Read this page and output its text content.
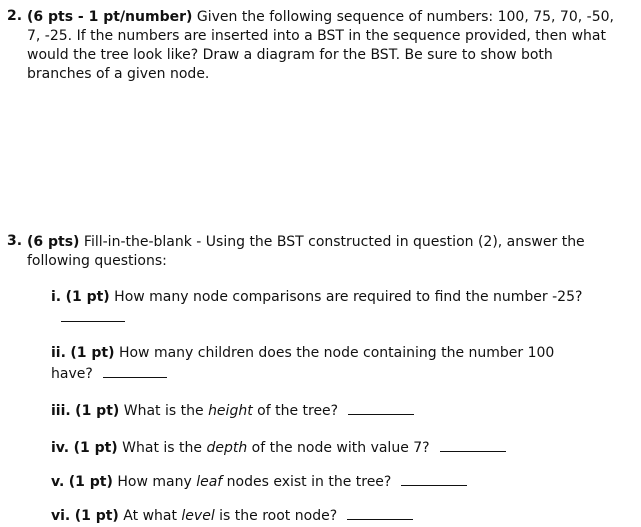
2. (6 pts - 1 pt/number) Given the following sequence of numbers: 100, 75, 70, -50, 7, -25. If the numbers are inserted into a BST in the sequence provided, then what would the tree look like? Draw a diagram for the BST. Be sure to show both branches of a given node.
3. (6 pts) Fill-in-the-blank - Using the BST constructed in question (2), answer the following questions:
i. (1 pt) How many node comparisons are required to find the number -25?
ii. (1 pt) How many children does the node containing the number 100 have?
iii. (1 pt) What is the height of the tree?
iv. (1 pt) What is the depth of the node with value 7?
v. (1 pt) How many leaf nodes exist in the tree?
vi. (1 pt) At what level is the root node?
